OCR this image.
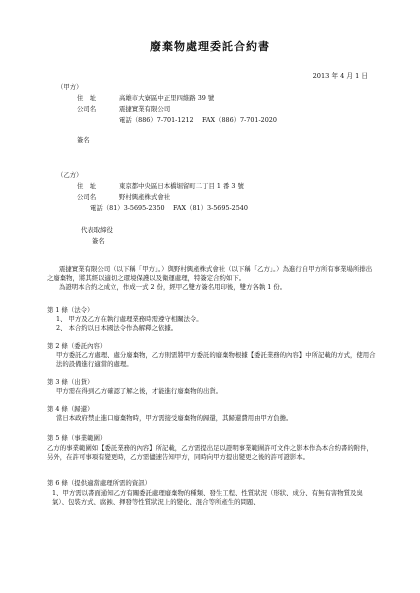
廢棄物處理委託合約書
2013 年 4 月 1 日
（甲方）
住　址	高雄市大寮區中正里四維路 39 號
公司名	震捷實業有限公司
電話（886）7-701-1212　 FAX（886）7-701-2020
簽名
（乙方）
住　址	東京都中央區日本橋堀留町二丁目 1 番 3 號
公司名	野村興產株式會社
電話（81）3-5695-2350　 FAX（81）3-5695-2540
代表取締役
簽名
震捷實業有限公司（以下稱「甲方」。）與野村興產株式會社（以下稱「乙方」。）為進行自甲方所有事業場所排出之廢棄物，將其經以適切之環境保護以及衛運處理，特簽定合約如下。
為證明本合約之成立，作成一式 2 份，經甲乙雙方簽名用印後，雙方各執 1 份。
第 1 條（法令）
1、 甲方及乙方在執行處理業務時需遵守相關法令。
2、 本合約以日本國法令作為解釋之依據。
第 2 條（委託內容）
甲方委託乙方處理、處分廢棄物，乙方則需將甲方委託的廢棄物根據【委託業務的內容】中所記載的方式，使用合法的設備進行適當的處理。
第 3 條（出貨）
甲方需在得到乙方確認了解之後，才能進行廢棄物的出貨。
第 4 條（歸還）
當日本政府禁止進口廢棄物時，甲方需接受廢棄物的歸還，其歸還費用由甲方負擔。
第 5 條（事業範圍）
乙方的事業範圍如【委託業務的內容】所記載，乙方需提出足以證明事業範圍許可文件之影本作為本合約書的附件，另外，在許可事項有變更時，乙方需儘速告知甲方，同時向甲方提出變更之後的許可證影本。
第 6 條（提供適當處理所需的資訊）
1、甲方需以書面通知乙方有關委託處理廢棄物的種類、發生工程、性質狀況（形狀、成分、有無有害物質及臭氣）、包裝方式、腐蝕、揮發等性質狀況上的變化、混合等所產生的問題、
